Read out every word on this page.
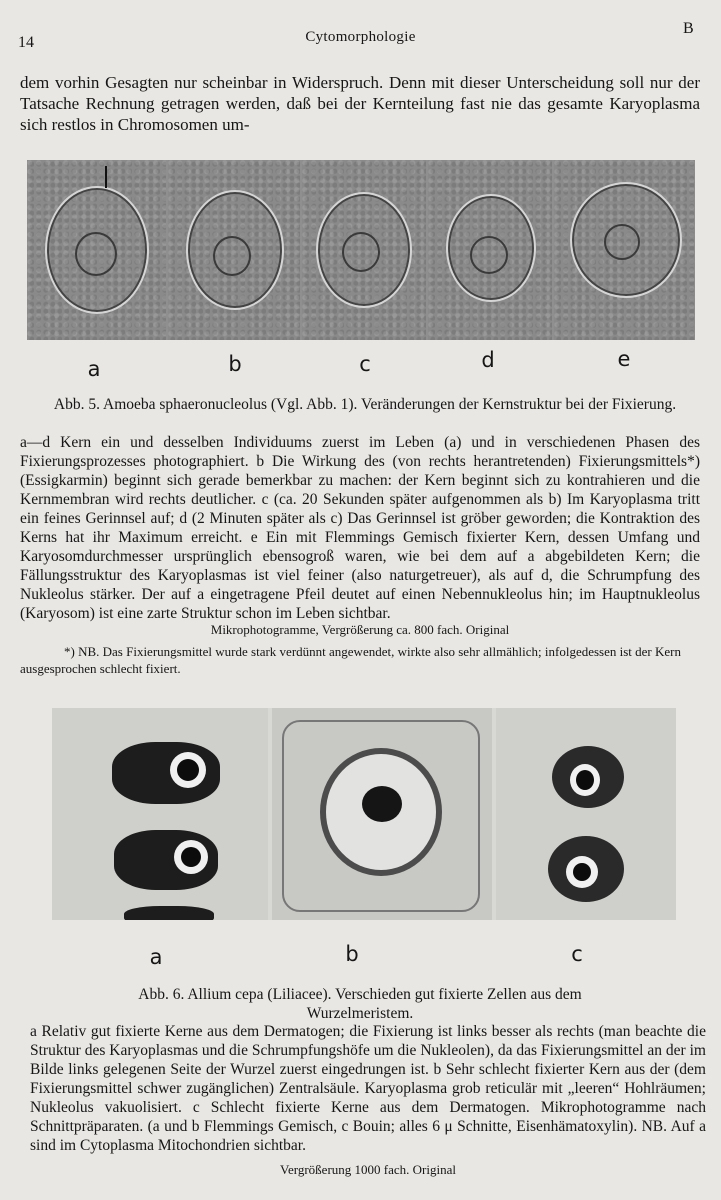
14	Cytomorphologie	B
dem vorhin Gesagten nur scheinbar in Widerspruch. Denn mit dieser Unterscheidung soll nur der Tatsache Rechnung getragen werden, daß bei der Kernteilung fast nie das gesamte Karyoplasma sich restlos in Chromosomen um-
a	b	c	d	e
Abb. 5. Amoeba sphaeronucleolus (Vgl. Abb. 1). Veränderungen der Kernstruktur bei der Fixierung.
a—d Kern ein und desselben Individuums zuerst im Leben (a) und in verschiedenen Phasen des Fixierungsprozesses photographiert. b Die Wirkung des (von rechts herantretenden) Fixierungsmittels*) (Essigkarmin) beginnt sich gerade bemerkbar zu machen: der Kern beginnt sich zu kontrahieren und die Kernmembran wird rechts deutlicher. c (ca. 20 Sekunden später aufgenommen als b) Im Karyoplasma tritt ein feines Gerinnsel auf; d (2 Minuten später als c) Das Gerinnsel ist gröber geworden; die Kontraktion des Kerns hat ihr Maximum erreicht. e Ein mit Flemmings Gemisch fixierter Kern, dessen Umfang und Karyosomdurchmesser ursprünglich ebensogroß waren, wie bei dem auf a abgebildeten Kern; die Fällungsstruktur des Karyoplasmas ist viel feiner (also naturgetreuer), als auf d, die Schrumpfung des Nukleolus stärker. Der auf a eingetragene Pfeil deutet auf einen Nebennukleolus hin; im Hauptnukleolus (Karyosom) ist eine zarte Struktur schon im Leben sichtbar.
Mikrophotogramme, Vergrößerung ca. 800 fach. Original
*) NB. Das Fixierungsmittel wurde stark verdünnt angewendet, wirkte also sehr allmählich; infolgedessen ist der Kern ausgesprochen schlecht fixiert.
a	b	c
Abb. 6. Allium cepa (Liliacee). Verschieden gut fixierte Zellen aus dem Wurzelmeristem.
a Relativ gut fixierte Kerne aus dem Dermatogen; die Fixierung ist links besser als rechts (man beachte die Struktur des Karyoplasmas und die Schrumpfungshöfe um die Nukleolen), da das Fixierungsmittel an der im Bilde links gelegenen Seite der Wurzel zuerst eingedrungen ist. b Sehr schlecht fixierter Kern aus der (dem Fixierungsmittel schwer zugänglichen) Zentralsäule. Karyoplasma grob reticulär mit „leeren“ Hohlräumen; Nukleolus vakuolisiert. c Schlecht fixierte Kerne aus dem Dermatogen. Mikrophotogramme nach Schnittpräparaten. (a und b Flemmings Gemisch, c Bouin; alles 6 μ Schnitte, Eisenhämatoxylin). NB. Auf a sind im Cytoplasma Mitochondrien sichtbar.
Vergrößerung 1000 fach. Original
